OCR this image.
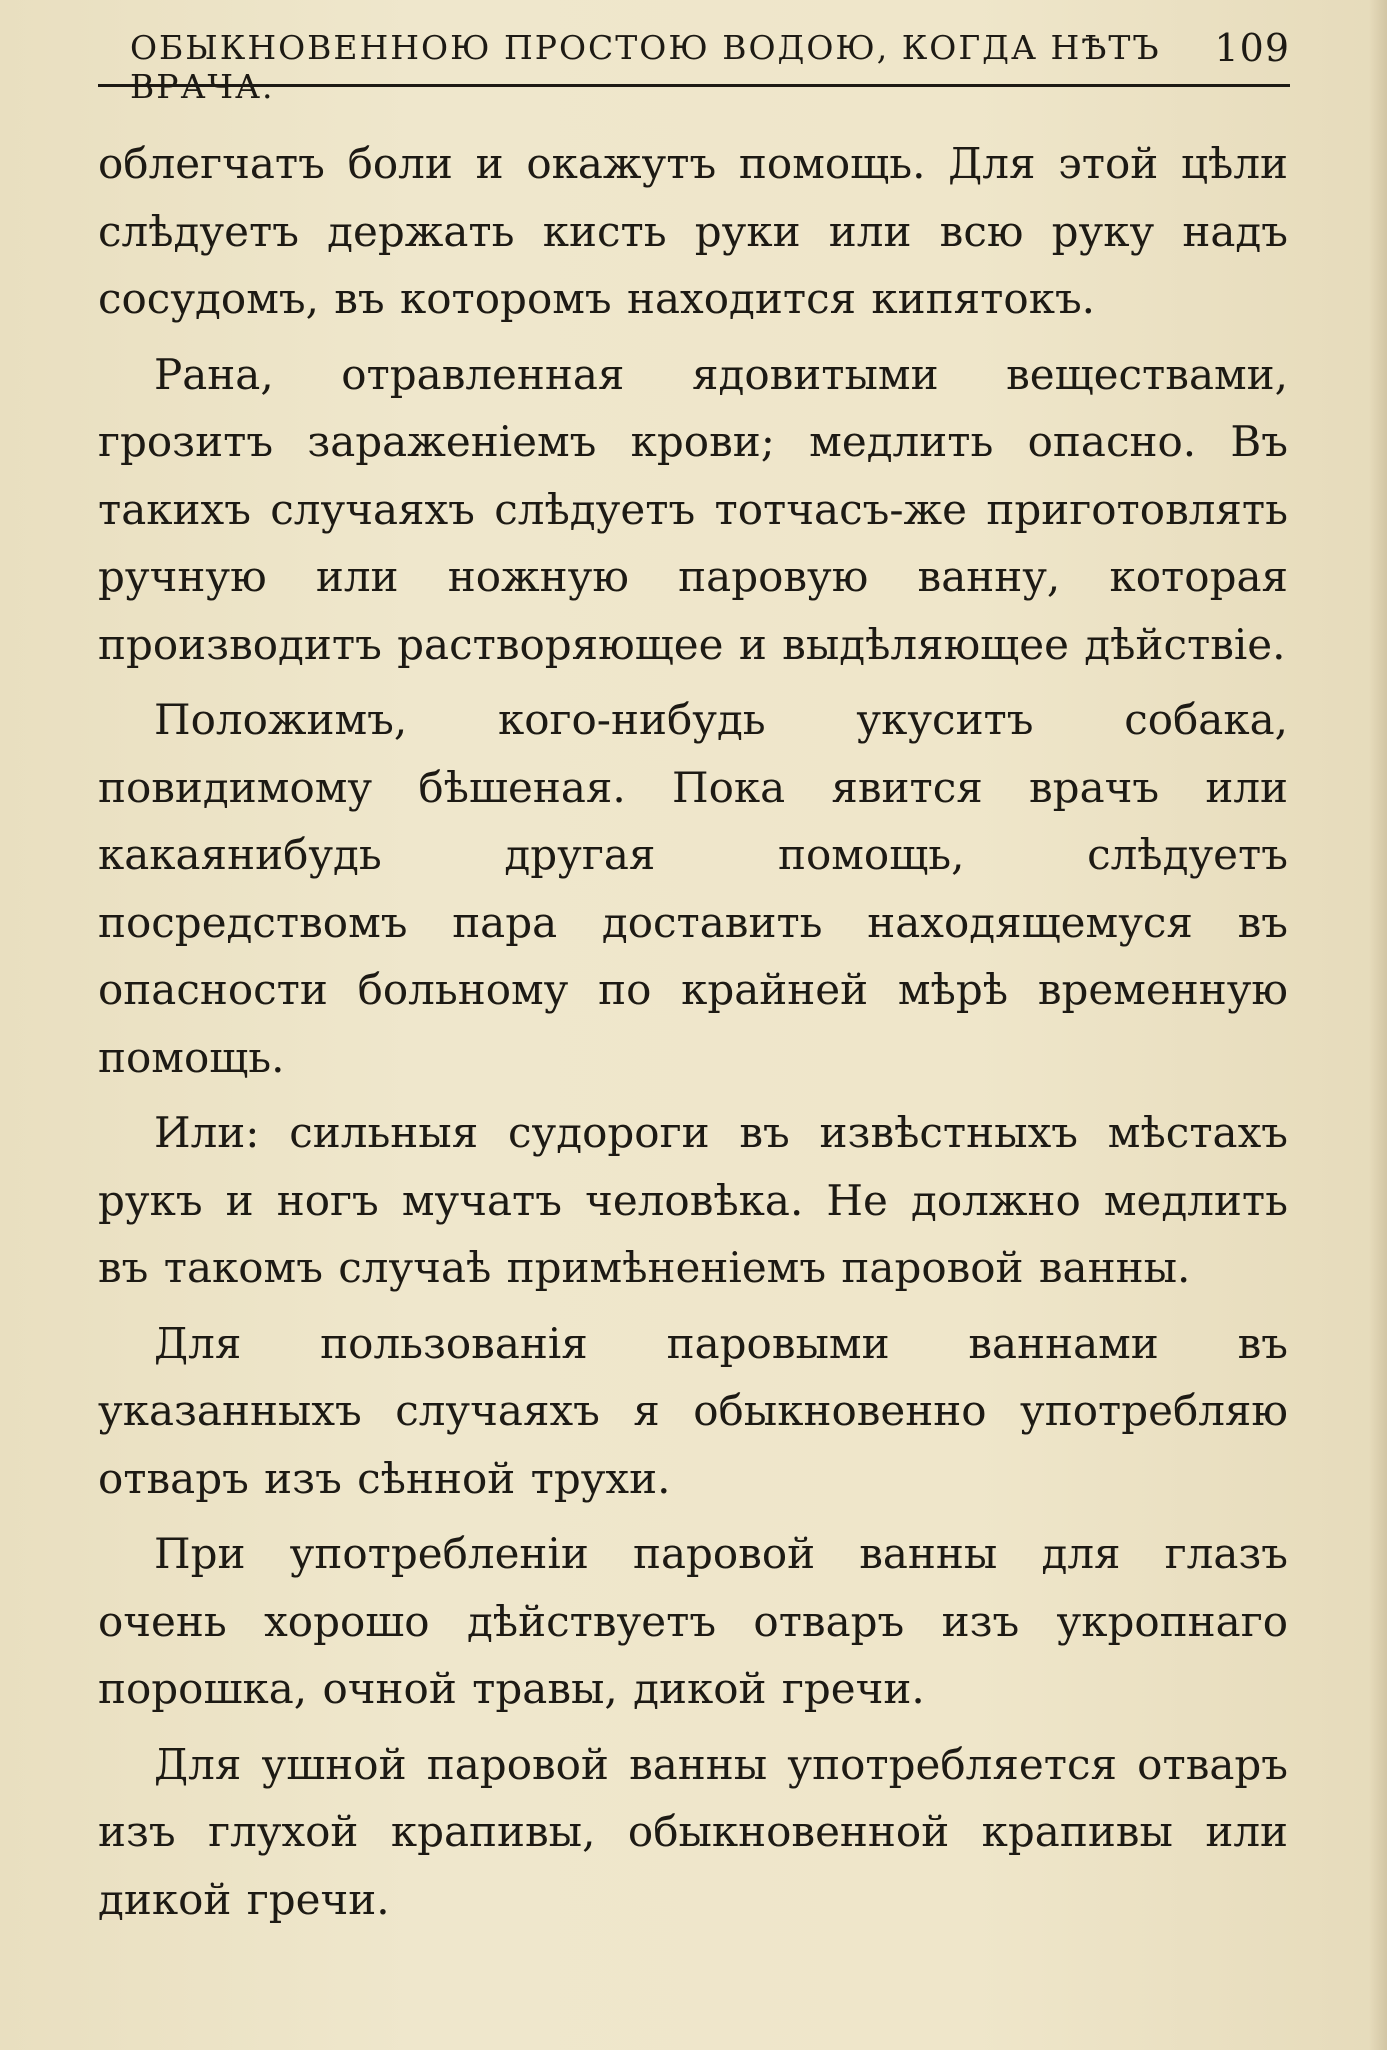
ОБЫКНОВЕННОЮ ПРОСТОЮ ВОДОЮ, КОГДА НѢТЪ ВРАЧА.
109

облегчатъ боли и окажутъ помощь. Для этой цѣли слѣдуетъ держать кисть руки или всю руку надъ сосудомъ, въ которомъ находится кипятокъ.

Рана, отравленная ядовитыми веществами, грозитъ зараженіемъ крови; медлить опасно. Въ такихъ случаяхъ слѣдуетъ тотчасъ-же приготовлять ручную или ножную паровую ванну, которая производитъ растворяющее и выдѣляющее дѣйствіе.

Положимъ, кого-нибудь укуситъ собака, повидимому бѣшеная. Пока явится врачъ или какаянибудь другая помощь, слѣдуетъ посредствомъ пара доставить находящемуся въ опасности больному по крайней мѣрѣ временную помощь.

Или: сильныя судороги въ извѣстныхъ мѣстахъ рукъ и ногъ мучатъ человѣка. Не должно медлить въ такомъ случаѣ примѣненіемъ паровой ванны.

Для пользованія паровыми ваннами въ указанныхъ случаяхъ я обыкновенно употребляю отваръ изъ сѣнной трухи.

При употребленіи паровой ванны для глазъ очень хорошо дѣйствуетъ отваръ изъ укропнаго порошка, очной травы, дикой гречи.

Для ушной паровой ванны употребляется отваръ изъ глухой крапивы, обыкновенной крапивы или дикой гречи.
